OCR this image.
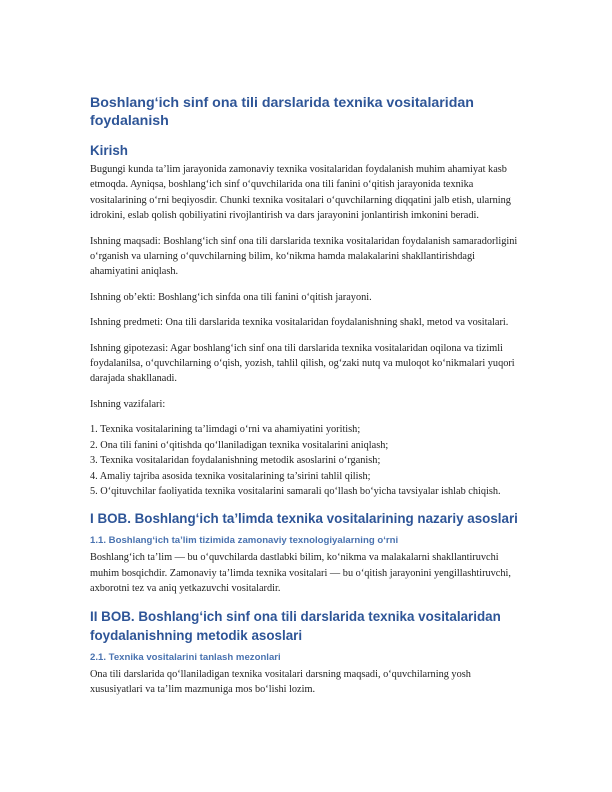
Boshlang‘ich sinf ona tili darslarida texnika vositalaridan foydalanish
Kirish

Bugungi kunda ta’lim jarayonida zamonaviy texnika vositalaridan foydalanish muhim ahamiyat kasb etmoqda. Ayniqsa, boshlang‘ich sinf o‘quvchilarida ona tili fanini o‘qitish jarayonida texnika vositalarining o‘rni beqiyosdir. Chunki texnika vositalari o‘quvchilarning diqqatini jalb etish, ularning idrokini, eslab qolish qobiliyatini rivojlantirish va dars jarayonini jonlantirish imkonini beradi.

Ishning maqsadi: Boshlang‘ich sinf ona tili darslarida texnika vositalaridan foydalanish samaradorligini o‘rganish va ularning o‘quvchilarning bilim, ko‘nikma hamda malakalarini shakllantirishdagi ahamiyatini aniqlash.

Ishning ob’ekti: Boshlang‘ich sinfda ona tili fanini o‘qitish jarayoni.

Ishning predmeti: Ona tili darslarida texnika vositalaridan foydalanishning shakl, metod va vositalari.

Ishning gipotezasi: Agar boshlang‘ich sinf ona tili darslarida texnika vositalaridan oqilona va tizimli foydalanilsa, o‘quvchilarning o‘qish, yozish, tahlil qilish, og‘zaki nutq va muloqot ko‘nikmalari yuqori darajada shakllanadi.

Ishning vazifalari:

1. Texnika vositalarining ta’limdagi o‘rni va ahamiyatini yoritish;
2. Ona tili fanini o‘qitishda qo‘llaniladigan texnika vositalarini aniqlash;
3. Texnika vositalaridan foydalanishning metodik asoslarini o‘rganish;
4. Amaliy tajriba asosida texnika vositalarining ta’sirini tahlil qilish;
5. O‘qituvchilar faoliyatida texnika vositalarini samarali qo‘llash bo‘yicha tavsiyalar ishlab chiqish.
I BOB. Boshlang‘ich ta’limda texnika vositalarining nazariy asoslari
1.1. Boshlang‘ich ta’lim tizimida zamonaviy texnologiyalarning o‘rni

Boshlang‘ich ta’lim — bu o‘quvchilarda dastlabki bilim, ko‘nikma va malakalarni shakllantiruvchi muhim bosqichdir. Zamonaviy ta’limda texnika vositalari — bu o‘qitish jarayonini yengillashtiruvchi, axborotni tez va aniq yetkazuvchi vositalardir.

II BOB. Boshlang‘ich sinf ona tili darslarida texnika vositalaridan foydalanishning metodik asoslari
2.1. Texnika vositalarini tanlash mezonlari

Ona tili darslarida qo‘llaniladigan texnika vositalari darsning maqsadi, o‘quvchilarning yosh xususiyatlari va ta’lim mazmuniga mos bo‘lishi lozim.
